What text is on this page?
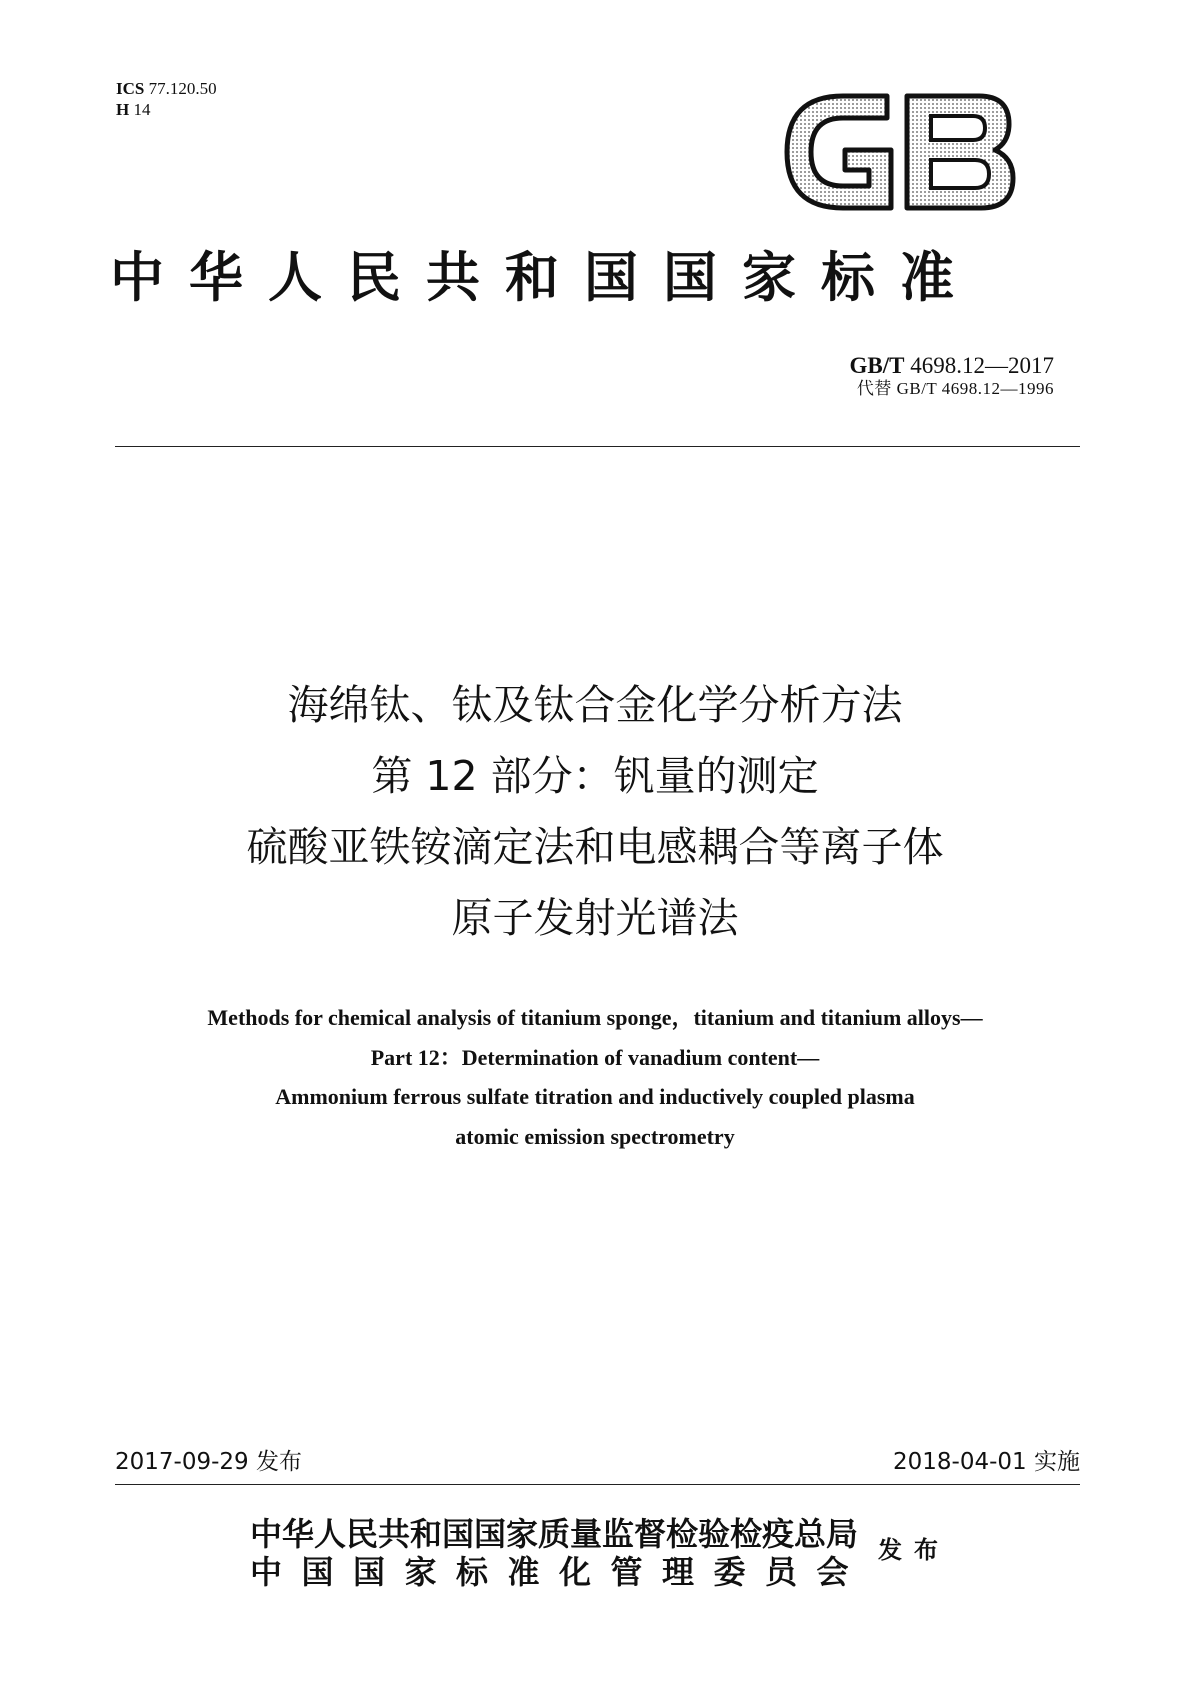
ICS 77.120.50
H 14
中华人民共和国国家标准
GB/T 4698.12—2017
代替 GB/T 4698.12—1996
海绵钛、钛及钛合金化学分析方法
第 12 部分：钒量的测定
硫酸亚铁铵滴定法和电感耦合等离子体
原子发射光谱法
Methods for chemical analysis of titanium sponge，titanium and titanium alloys—
Part 12：Determination of vanadium content—
Ammonium ferrous sulfate titration and inductively coupled plasma
atomic emission spectrometry
2017-09-29 发布	2018-04-01 实施
中华人民共和国国家质量监督检验检疫总局
中国国家标准化管理委员会
发布
